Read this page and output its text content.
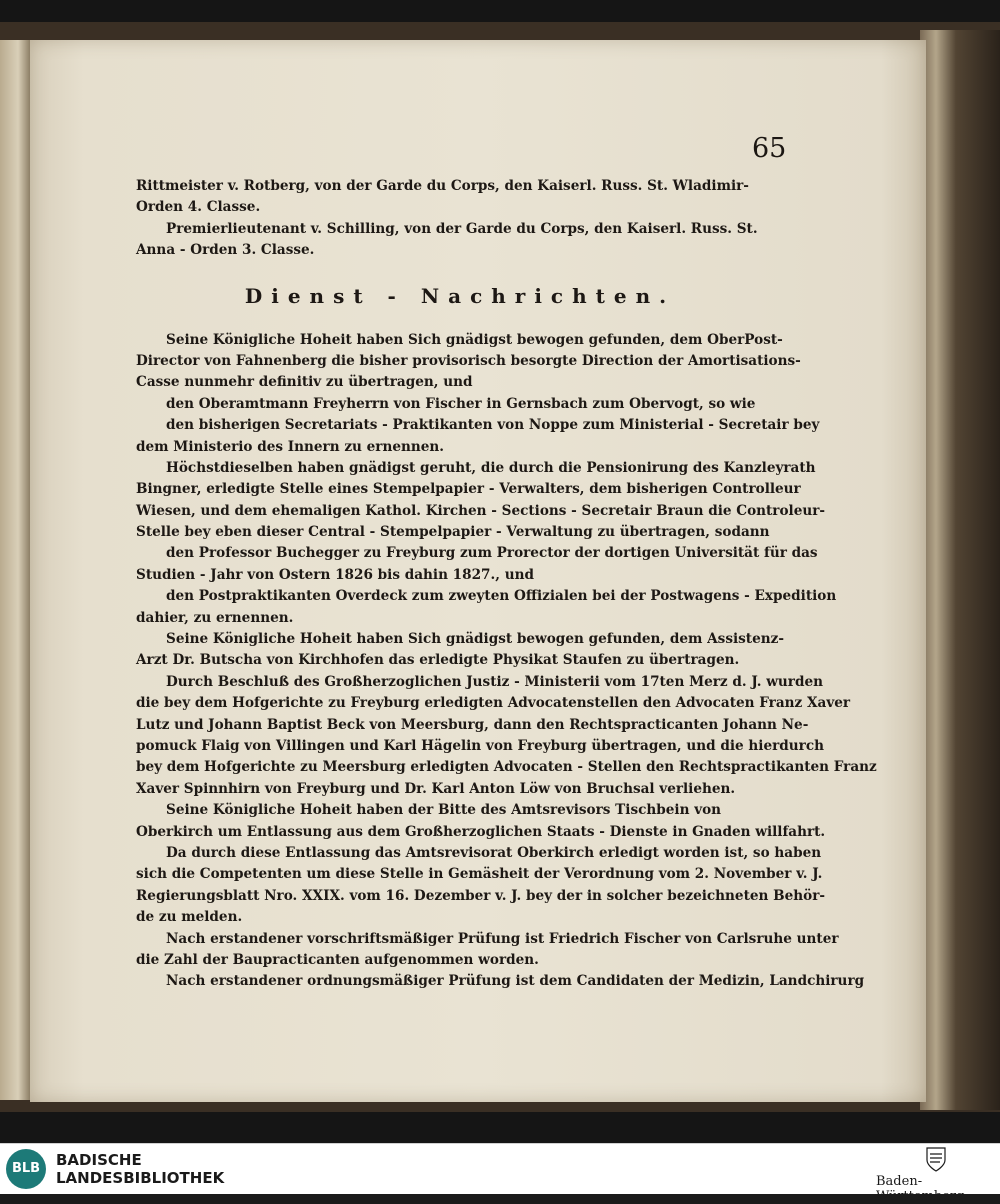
65
Rittmeister v. Rotberg, von der Garde du Corps, den Kaiserl. Russ. St. Wladimir-
Orden 4. Classe.
Premierlieutenant v. Schilling, von der Garde du Corps, den Kaiserl. Russ. St.
Anna - Orden 3. Classe.
Dienst - Nachrichten.
Seine Königliche Hoheit haben Sich gnädigst bewogen gefunden, dem OberPost-
Director von Fahnenberg die bisher provisorisch besorgte Direction der Amortisations-
Casse nunmehr definitiv zu übertragen, und
den Oberamtmann Freyherrn von Fischer in Gernsbach zum Obervogt, so wie
den bisherigen Secretariats - Praktikanten von Noppe zum Ministerial - Secretair bey
dem Ministerio des Innern zu ernennen.
Höchstdieselben haben gnädigst geruht, die durch die Pensionirung des Kanzleyrath
Bingner, erledigte Stelle eines Stempelpapier - Verwalters, dem bisherigen Controlleur
Wiesen, und dem ehemaligen Kathol. Kirchen - Sections - Secretair Braun die Controleur-
Stelle bey eben dieser Central - Stempelpapier - Verwaltung zu übertragen, sodann
den Professor Buchegger zu Freyburg zum Prorector der dortigen Universität für das
Studien - Jahr von Ostern 1826 bis dahin 1827., und
den Postpraktikanten Overdeck zum zweyten Offizialen bei der Postwagens - Expedition
dahier, zu ernennen.
Seine Königliche Hoheit haben Sich gnädigst bewogen gefunden, dem Assistenz-
Arzt Dr. Butscha von Kirchhofen das erledigte Physikat Staufen zu übertragen.
Durch Beschluß des Großherzoglichen Justiz - Ministerii vom 17ten Merz d. J. wurden
die bey dem Hofgerichte zu Freyburg erledigten Advocatenstellen den Advocaten Franz Xaver
Lutz und Johann Baptist Beck von Meersburg, dann den Rechtspracticanten Johann Ne-
pomuck Flaig von Villingen und Karl Hägelin von Freyburg übertragen, und die hierdurch
bey dem Hofgerichte zu Meersburg erledigten Advocaten - Stellen den Rechtspractikanten Franz
Xaver Spinnhirn von Freyburg und Dr. Karl Anton Löw von Bruchsal verliehen.
Seine Königliche Hoheit haben der Bitte des Amtsrevisors Tischbein von
Oberkirch um Entlassung aus dem Großherzoglichen Staats - Dienste in Gnaden willfahrt.
Da durch diese Entlassung das Amtsrevisorat Oberkirch erledigt worden ist, so haben
sich die Competenten um diese Stelle in Gemäsheit der Verordnung vom 2. November v. J.
Regierungsblatt Nro. XXIX. vom 16. Dezember v. J. bey der in solcher bezeichneten Behör-
de zu melden.
Nach erstandener vorschriftsmäßiger Prüfung ist Friedrich Fischer von Carlsruhe unter
die Zahl der Baupracticanten aufgenommen worden.
Nach erstandener ordnungsmäßiger Prüfung ist dem Candidaten der Medizin, Landchirurg
BLB	BADISCHE
LANDESBIBLIOTHEK	Baden-Württemberg
